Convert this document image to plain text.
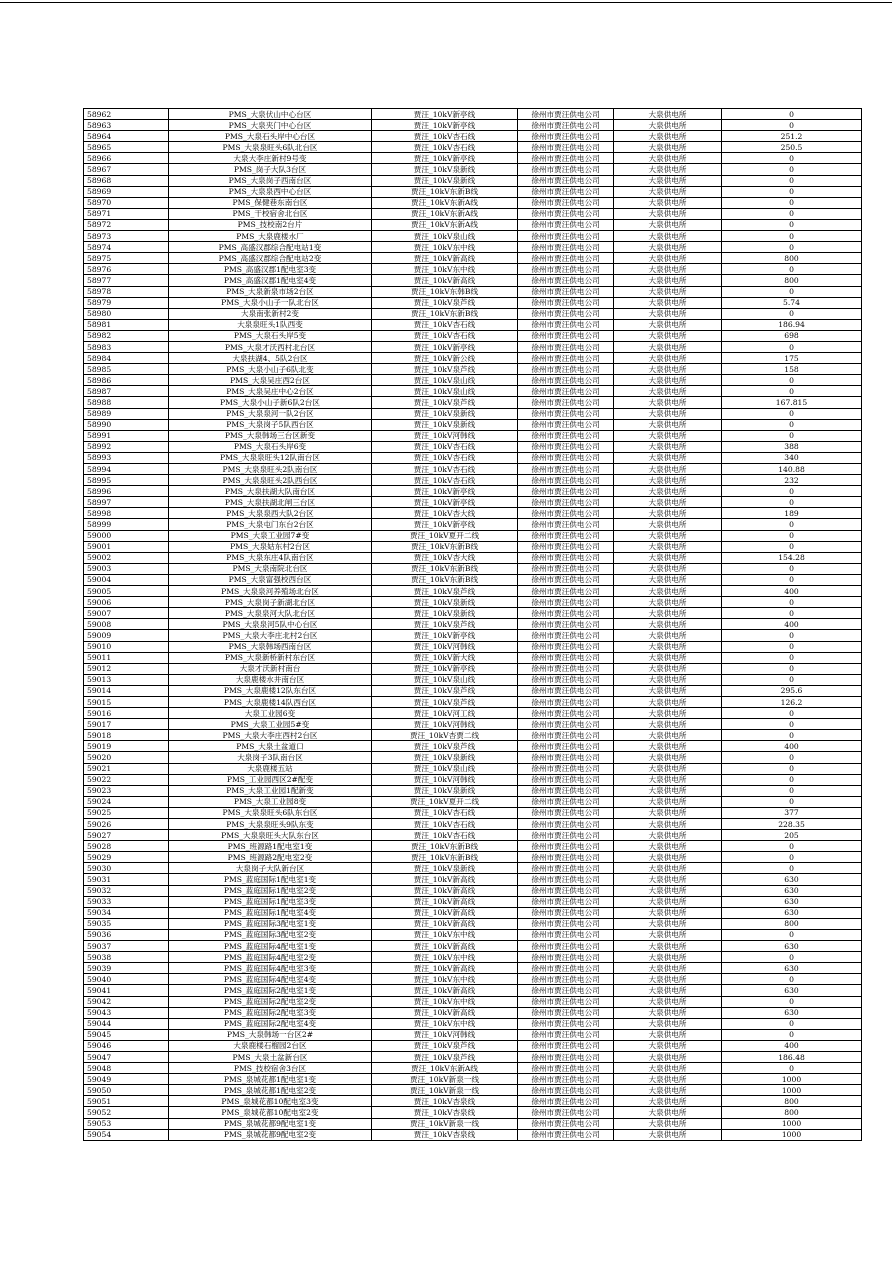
58962	PMS_大泉伏山中心台区	贾汪_10kV新亭线	徐州市贾汪供电公司	大泉供电所	0
58963	PMS_大泉夹门中心台区	贾汪_10kV新亭线	徐州市贾汪供电公司	大泉供电所	0
58964	PMS_大泉石头岸中心台区	贾汪_10kV杏石线	徐州市贾汪供电公司	大泉供电所	251.2
58965	PMS_大泉泉旺头6队北台区	贾汪_10kV杏石线	徐州市贾汪供电公司	大泉供电所	250.5
58966	大泉大李庄新村9号变	贾汪_10kV新亭线	徐州市贾汪供电公司	大泉供电所	0
58967	PMS_岗子大队3台区	贾汪_10kV泉新线	徐州市贾汪供电公司	大泉供电所	0
58968	PMS_大泉岗子西南台区	贾汪_10kV泉新线	徐州市贾汪供电公司	大泉供电所	0
58969	PMS_大泉泉西中心台区	贾汪_10kV东新B线	徐州市贾汪供电公司	大泉供电所	0
58970	PMS_保健巷东南台区	贾汪_10kV东新A线	徐州市贾汪供电公司	大泉供电所	0
58971	PMS_干校宿舍北台区	贾汪_10kV东新A线	徐州市贾汪供电公司	大泉供电所	0
58972	PMS_技校南2台片	贾汪_10kV东新A线	徐州市贾汪供电公司	大泉供电所	0
58973	PMS_大泉鹿楼水厂	贾汪_10kV泉山线	徐州市贾汪供电公司	大泉供电所	0
58974	PMS_高盛汉郡综合配电站1变	贾汪_10kV东中线	徐州市贾汪供电公司	大泉供电所	0
58975	PMS_高盛汉郡综合配电站2变	贾汪_10kV新高线	徐州市贾汪供电公司	大泉供电所	800
58976	PMS_高盛汉郡1配电室3变	贾汪_10kV东中线	徐州市贾汪供电公司	大泉供电所	0
58977	PMS_高盛汉郡1配电室4变	贾汪_10kV新高线	徐州市贾汪供电公司	大泉供电所	800
58978	PMS_大泉新泉市场2台区	贾汪_10kV东韩B线	徐州市贾汪供电公司	大泉供电所	0
58979	PMS_大泉小山子一队北台区	贾汪_10kV泉芦线	徐州市贾汪供电公司	大泉供电所	5.74
58980	大泉南张新村2变	贾汪_10kV东新B线	徐州市贾汪供电公司	大泉供电所	0
58981	大泉泉旺头1队西变	贾汪_10kV杏石线	徐州市贾汪供电公司	大泉供电所	186.94
58982	PMS_大泉石头岸5变	贾汪_10kV杏石线	徐州市贾汪供电公司	大泉供电所	698
58983	PMS_大泉才沃西村北台区	贾汪_10kV新亭线	徐州市贾汪供电公司	大泉供电所	0
58984	大泉扶湖4、5队2台区	贾汪_10kV新公线	徐州市贾汪供电公司	大泉供电所	175
58985	PMS_大泉小山子6队北变	贾汪_10kV泉芦线	徐州市贾汪供电公司	大泉供电所	158
58986	PMS_大泉吴庄西2台区	贾汪_10kV泉山线	徐州市贾汪供电公司	大泉供电所	0
58987	PMS_大泉吴庄中心2台区	贾汪_10kV泉山线	徐州市贾汪供电公司	大泉供电所	0
58988	PMS_大泉小山子新6队2台区	贾汪_10kV泉芦线	徐州市贾汪供电公司	大泉供电所	167.815
58989	PMS_大泉泉河一队2台区	贾汪_10kV泉新线	徐州市贾汪供电公司	大泉供电所	0
58990	PMS_大泉岗子5队西台区	贾汪_10kV泉新线	徐州市贾汪供电公司	大泉供电所	0
58991	PMS_大泉韩场三台区新变	贾汪_10kV河韩线	徐州市贾汪供电公司	大泉供电所	0
58992	PMS_大泉石头岸6变	贾汪_10kV杏石线	徐州市贾汪供电公司	大泉供电所	388
58993	PMS_大泉泉旺头12队南台区	贾汪_10kV杏石线	徐州市贾汪供电公司	大泉供电所	340
58994	PMS_大泉泉旺头2队南台区	贾汪_10kV杏石线	徐州市贾汪供电公司	大泉供电所	140.88
58995	PMS_大泉泉旺头2队西台区	贾汪_10kV杏石线	徐州市贾汪供电公司	大泉供电所	232
58996	PMS_大泉扶湖大队南台区	贾汪_10kV新亭线	徐州市贾汪供电公司	大泉供电所	0
58997	PMS_大泉扶湖北闸三台区	贾汪_10kV新亭线	徐州市贾汪供电公司	大泉供电所	0
58998	PMS_大泉泉西大队2台区	贾汪_10kV杏大线	徐州市贾汪供电公司	大泉供电所	189
58999	PMS_大泉屯门东台2台区	贾汪_10kV新亭线	徐州市贾汪供电公司	大泉供电所	0
59000	PMS_大泉工业园7#变	贾汪_10kV夏开二线	徐州市贾汪供电公司	大泉供电所	0
59001	PMS_大泉姑东村2台区	贾汪_10kV东新B线	徐州市贾汪供电公司	大泉供电所	0
59002	PMS_大泉东庄4队南台区	贾汪_10kV杏大线	徐州市贾汪供电公司	大泉供电所	154.28
59003	PMS_大泉南院北台区	贾汪_10kV东新B线	徐州市贾汪供电公司	大泉供电所	0
59004	PMS_大泉富强校西台区	贾汪_10kV东新B线	徐州市贾汪供电公司	大泉供电所	0
59005	PMS_大泉泉河养殖场北台区	贾汪_10kV泉芦线	徐州市贾汪供电公司	大泉供电所	400
59006	PMS_大泉岗子新湖北台区	贾汪_10kV泉新线	徐州市贾汪供电公司	大泉供电所	0
59007	PMS_大泉泉河大队北台区	贾汪_10kV泉新线	徐州市贾汪供电公司	大泉供电所	0
59008	PMS_大泉泉河5队中心台区	贾汪_10kV泉芦线	徐州市贾汪供电公司	大泉供电所	400
59009	PMS_大泉大李庄北村2台区	贾汪_10kV新亭线	徐州市贾汪供电公司	大泉供电所	0
59010	PMS_大泉韩场西南台区	贾汪_10kV河韩线	徐州市贾汪供电公司	大泉供电所	0
59011	PMS_大泉新桥新村东台区	贾汪_10kV新大线	徐州市贾汪供电公司	大泉供电所	0
59012	大泉才沃新村南台	贾汪_10kV新亭线	徐州市贾汪供电公司	大泉供电所	0
59013	大泉鹿楼水井南台区	贾汪_10kV泉山线	徐州市贾汪供电公司	大泉供电所	0
59014	PMS_大泉鹿楼12队东台区	贾汪_10kV泉芦线	徐州市贾汪供电公司	大泉供电所	295.6
59015	PMS_大泉鹿楼14队西台区	贾汪_10kV泉芦线	徐州市贾汪供电公司	大泉供电所	126.2
59016	大泉工业园6变	贾汪_10kV河工线	徐州市贾汪供电公司	大泉供电所	0
59017	PMS_大泉工业园5#变	贾汪_10kV河韩线	徐州市贾汪供电公司	大泉供电所	0
59018	PMS_大泉大李庄西村2台区	贾汪_10kV杏贾二线	徐州市贾汪供电公司	大泉供电所	0
59019	PMS_大泉土盆道口	贾汪_10kV泉芦线	徐州市贾汪供电公司	大泉供电所	400
59020	大泉岗子3队南台区	贾汪_10kV泉新线	徐州市贾汪供电公司	大泉供电所	0
59021	大泉鹿楼五站	贾汪_10kV泉山线	徐州市贾汪供电公司	大泉供电所	0
59022	PMS_工业园西区2#配变	贾汪_10kV河韩线	徐州市贾汪供电公司	大泉供电所	0
59023	PMS_大泉工业园1配新变	贾汪_10kV泉新线	徐州市贾汪供电公司	大泉供电所	0
59024	PMS_大泉工业园8变	贾汪_10kV夏开二线	徐州市贾汪供电公司	大泉供电所	0
59025	PMS_大泉泉旺头6队东台区	贾汪_10kV杏石线	徐州市贾汪供电公司	大泉供电所	377
59026	PMS_大泉泉旺头9队东变	贾汪_10kV杏石线	徐州市贾汪供电公司	大泉供电所	228.35
59027	PMS_大泉泉旺头大队东台区	贾汪_10kV杏石线	徐州市贾汪供电公司	大泉供电所	205
59028	PMS_班源路1配电室1变	贾汪_10kV东新B线	徐州市贾汪供电公司	大泉供电所	0
59029	PMS_班源路2配电室2变	贾汪_10kV东新B线	徐州市贾汪供电公司	大泉供电所	0
59030	大泉岗子大队新台区	贾汪_10kV泉新线	徐州市贾汪供电公司	大泉供电所	0
59031	PMS_蓝庭国际1配电室1变	贾汪_10kV新高线	徐州市贾汪供电公司	大泉供电所	630
59032	PMS_蓝庭国际1配电室2变	贾汪_10kV新高线	徐州市贾汪供电公司	大泉供电所	630
59033	PMS_蓝庭国际1配电室3变	贾汪_10kV新高线	徐州市贾汪供电公司	大泉供电所	630
59034	PMS_蓝庭国际1配电室4变	贾汪_10kV新高线	徐州市贾汪供电公司	大泉供电所	630
59035	PMS_蓝庭国际3配电室1变	贾汪_10kV新高线	徐州市贾汪供电公司	大泉供电所	800
59036	PMS_蓝庭国际3配电室2变	贾汪_10kV东中线	徐州市贾汪供电公司	大泉供电所	0
59037	PMS_蓝庭国际4配电室1变	贾汪_10kV新高线	徐州市贾汪供电公司	大泉供电所	630
59038	PMS_蓝庭国际4配电室2变	贾汪_10kV东中线	徐州市贾汪供电公司	大泉供电所	0
59039	PMS_蓝庭国际4配电室3变	贾汪_10kV新高线	徐州市贾汪供电公司	大泉供电所	630
59040	PMS_蓝庭国际4配电室4变	贾汪_10kV东中线	徐州市贾汪供电公司	大泉供电所	0
59041	PMS_蓝庭国际2配电室1变	贾汪_10kV新高线	徐州市贾汪供电公司	大泉供电所	630
59042	PMS_蓝庭国际2配电室2变	贾汪_10kV东中线	徐州市贾汪供电公司	大泉供电所	0
59043	PMS_蓝庭国际2配电室3变	贾汪_10kV新高线	徐州市贾汪供电公司	大泉供电所	630
59044	PMS_蓝庭国际2配电室4变	贾汪_10kV东中线	徐州市贾汪供电公司	大泉供电所	0
59045	PMS_大泉韩场一台区2#	贾汪_10kV河韩线	徐州市贾汪供电公司	大泉供电所	0
59046	大泉鹿楼石榴园2台区	贾汪_10kV泉芦线	徐州市贾汪供电公司	大泉供电所	400
59047	PMS_大泉土盆新台区	贾汪_10kV泉芦线	徐州市贾汪供电公司	大泉供电所	186.48
59048	PMS_技校宿舍3台区	贾汪_10kV东新A线	徐州市贾汪供电公司	大泉供电所	0
59049	PMS_泉城花都1配电室1变	贾汪_10kV新泉一线	徐州市贾汪供电公司	大泉供电所	1000
59050	PMS_泉城花都1配电室2变	贾汪_10kV新泉一线	徐州市贾汪供电公司	大泉供电所	1000
59051	PMS_泉城花都10配电室3变	贾汪_10kV杏泉线	徐州市贾汪供电公司	大泉供电所	800
59052	PMS_泉城花都10配电室2变	贾汪_10kV杏泉线	徐州市贾汪供电公司	大泉供电所	800
59053	PMS_泉城花都9配电室1变	贾汪_10kV新泉一线	徐州市贾汪供电公司	大泉供电所	1000
59054	PMS_泉城花都9配电室2变	贾汪_10kV杏泉线	徐州市贾汪供电公司	大泉供电所	1000
